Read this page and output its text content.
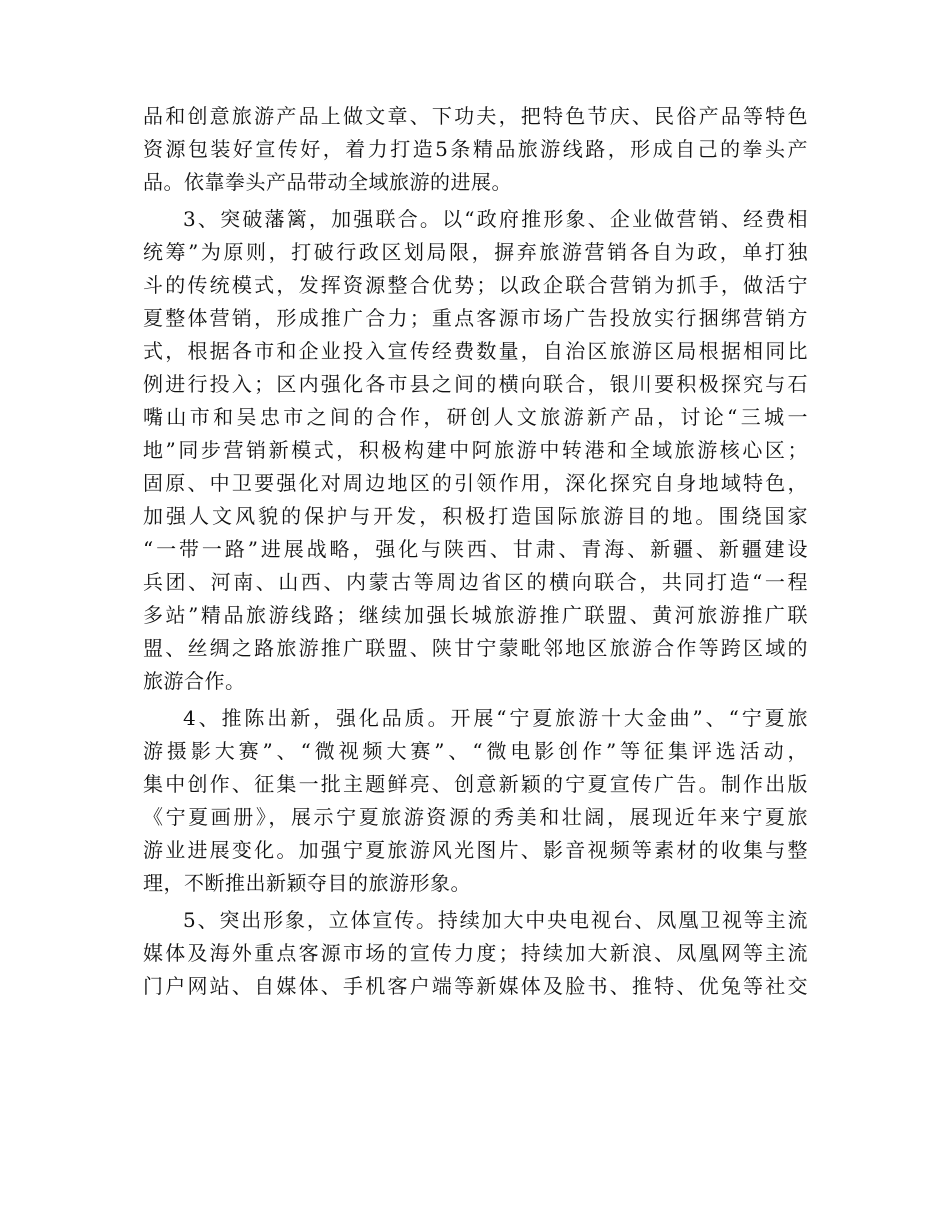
品和创意旅游产品上做文章、下功夫，把特色节庆、民俗产品等特色
资源包装好宣传好，着力打造5条精品旅游线路，形成自己的拳头产
品。依靠拳头产品带动全域旅游的进展。
3、突破藩篱，加强联合。以“政府推形象、企业做营销、经费相
统筹”为原则，打破行政区划局限，摒弃旅游营销各自为政，单打独
斗的传统模式，发挥资源整合优势；以政企联合营销为抓手，做活宁
夏整体营销，形成推广合力；重点客源市场广告投放实行捆绑营销方
式，根据各市和企业投入宣传经费数量，自治区旅游区局根据相同比
例进行投入；区内强化各市县之间的横向联合，银川要积极探究与石
嘴山市和吴忠市之间的合作，研创人文旅游新产品，讨论“三城一
地”同步营销新模式，积极构建中阿旅游中转港和全域旅游核心区；
固原、中卫要强化对周边地区的引领作用，深化探究自身地域特色，
加强人文风貌的保护与开发，积极打造国际旅游目的地。围绕国家
“一带一路”进展战略，强化与陕西、甘肃、青海、新疆、新疆建设
兵团、河南、山西、内蒙古等周边省区的横向联合，共同打造“一程
多站”精品旅游线路；继续加强长城旅游推广联盟、黄河旅游推广联
盟、丝绸之路旅游推广联盟、陕甘宁蒙毗邻地区旅游合作等跨区域的
旅游合作。
4、推陈出新，强化品质。开展“宁夏旅游十大金曲”、“宁夏旅
游摄影大赛”、“微视频大赛”、“微电影创作”等征集评选活动，
集中创作、征集一批主题鲜亮、创意新颖的宁夏宣传广告。制作出版
《宁夏画册》，展示宁夏旅游资源的秀美和壮阔，展现近年来宁夏旅
游业进展变化。加强宁夏旅游风光图片、影音视频等素材的收集与整
理，不断推出新颖夺目的旅游形象。
5、突出形象，立体宣传。持续加大中央电视台、凤凰卫视等主流
媒体及海外重点客源市场的宣传力度；持续加大新浪、凤凰网等主流
门户网站、自媒体、手机客户端等新媒体及脸书、推特、优兔等社交
